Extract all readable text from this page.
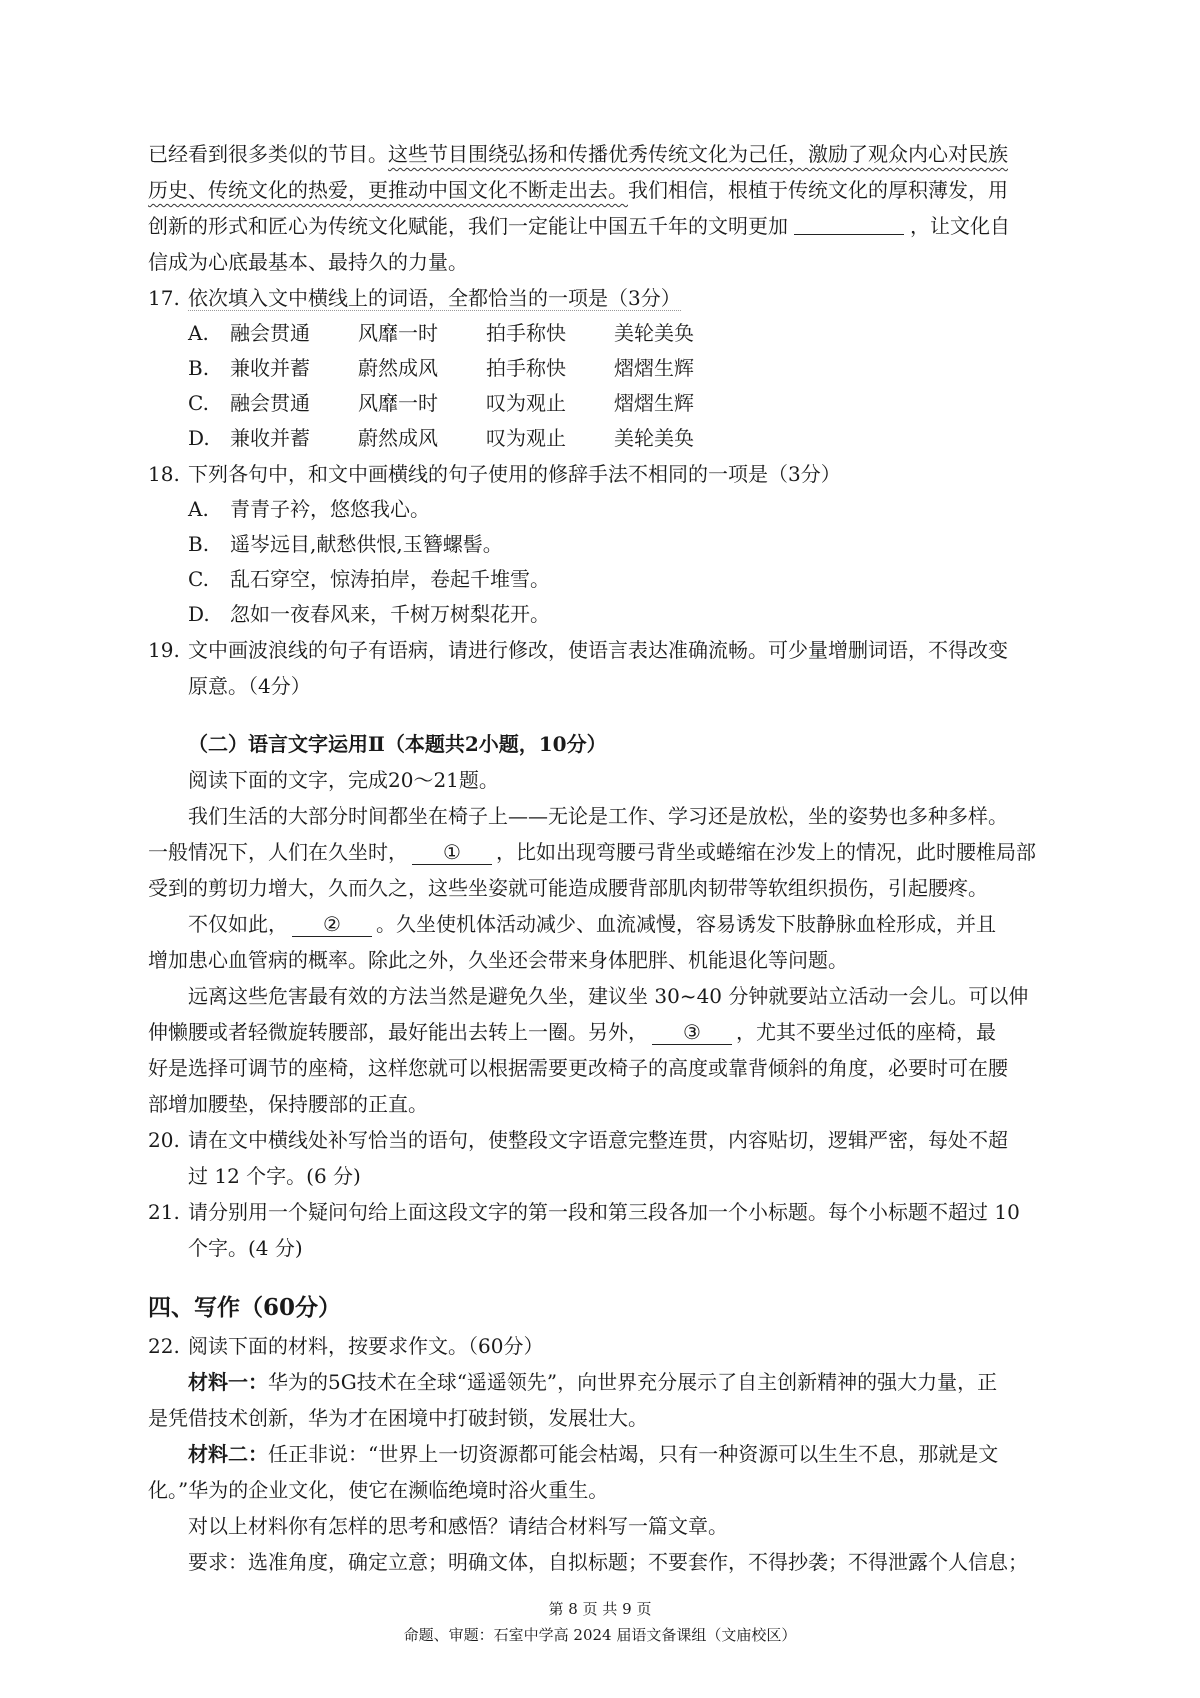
已经看到很多类似的节目。这些节目围绕弘扬和传播优秀传统文化为己任，激励了观众内心对民族
历史、传统文化的热爱，更推动中国文化不断走出去。我们相信，根植于传统文化的厚积薄发，用
创新的形式和匠心为传统文化赋能，我们一定能让中国五千年的文明更加	，让文化自
信成为心底最基本、最持久的力量。
17. 依次填入文中横线上的词语，全都恰当的一项是（3分）
A.	融会贯通	风靡一时	拍手称快	美轮美奂
B.	兼收并蓄	蔚然成风	拍手称快	熠熠生辉
C.	融会贯通	风靡一时	叹为观止	熠熠生辉
D.	兼收并蓄	蔚然成风	叹为观止	美轮美奂
18. 下列各句中，和文中画横线的句子使用的修辞手法不相同的一项是（3分）
A.	青青子衿，悠悠我心。
B.	遥岑远目,献愁供恨,玉簪螺髻。
C.	乱石穿空，惊涛拍岸，卷起千堆雪。
D.	忽如一夜春风来，千树万树梨花开。
19. 文中画波浪线的句子有语病，请进行修改，使语言表达准确流畅。可少量增删词语，不得改变
原意。（4分）
（二）语言文字运用Ⅱ（本题共2小题，10分）
阅读下面的文字，完成20～21题。
我们生活的大部分时间都坐在椅子上——无论是工作、学习还是放松，坐的姿势也多种多样。
一般情况下，人们在久坐时， ① ，比如出现弯腰弓背坐或蜷缩在沙发上的情况，此时腰椎局部
受到的剪切力增大，久而久之，这些坐姿就可能造成腰背部肌肉韧带等软组织损伤，引起腰疼。
不仅如此， ② 。久坐使机体活动减少、血流减慢，容易诱发下肢静脉血栓形成，并且
增加患心血管病的概率。除此之外，久坐还会带来身体肥胖、机能退化等问题。
远离这些危害最有效的方法当然是避免久坐，建议坐 30~40 分钟就要站立活动一会儿。可以伸
伸懒腰或者轻微旋转腰部，最好能出去转上一圈。另外， ③ ，尤其不要坐过低的座椅，最
好是选择可调节的座椅，这样您就可以根据需要更改椅子的高度或靠背倾斜的角度，必要时可在腰
部增加腰垫，保持腰部的正直。
20. 请在文中横线处补写恰当的语句，使整段文字语意完整连贯，内容贴切，逻辑严密，每处不超
过 12 个字。(6 分)
21. 请分别用一个疑问句给上面这段文字的第一段和第三段各加一个小标题。每个小标题不超过 10
个字。(4 分)
四、写作（60分）
22. 阅读下面的材料，按要求作文。（60分）
材料一：华为的5G技术在全球“遥遥领先”，向世界充分展示了自主创新精神的强大力量，正
是凭借技术创新，华为才在困境中打破封锁，发展壮大。
材料二：任正非说：“世界上一切资源都可能会枯竭，只有一种资源可以生生不息，那就是文
化。”华为的企业文化，使它在濒临绝境时浴火重生。
对以上材料你有怎样的思考和感悟？请结合材料写一篇文章。
要求：选准角度，确定立意；明确文体，自拟标题；不要套作，不得抄袭；不得泄露个人信息；
第 8 页 共 9 页
命题、审题：石室中学高 2024 届语文备课组（文庙校区）
